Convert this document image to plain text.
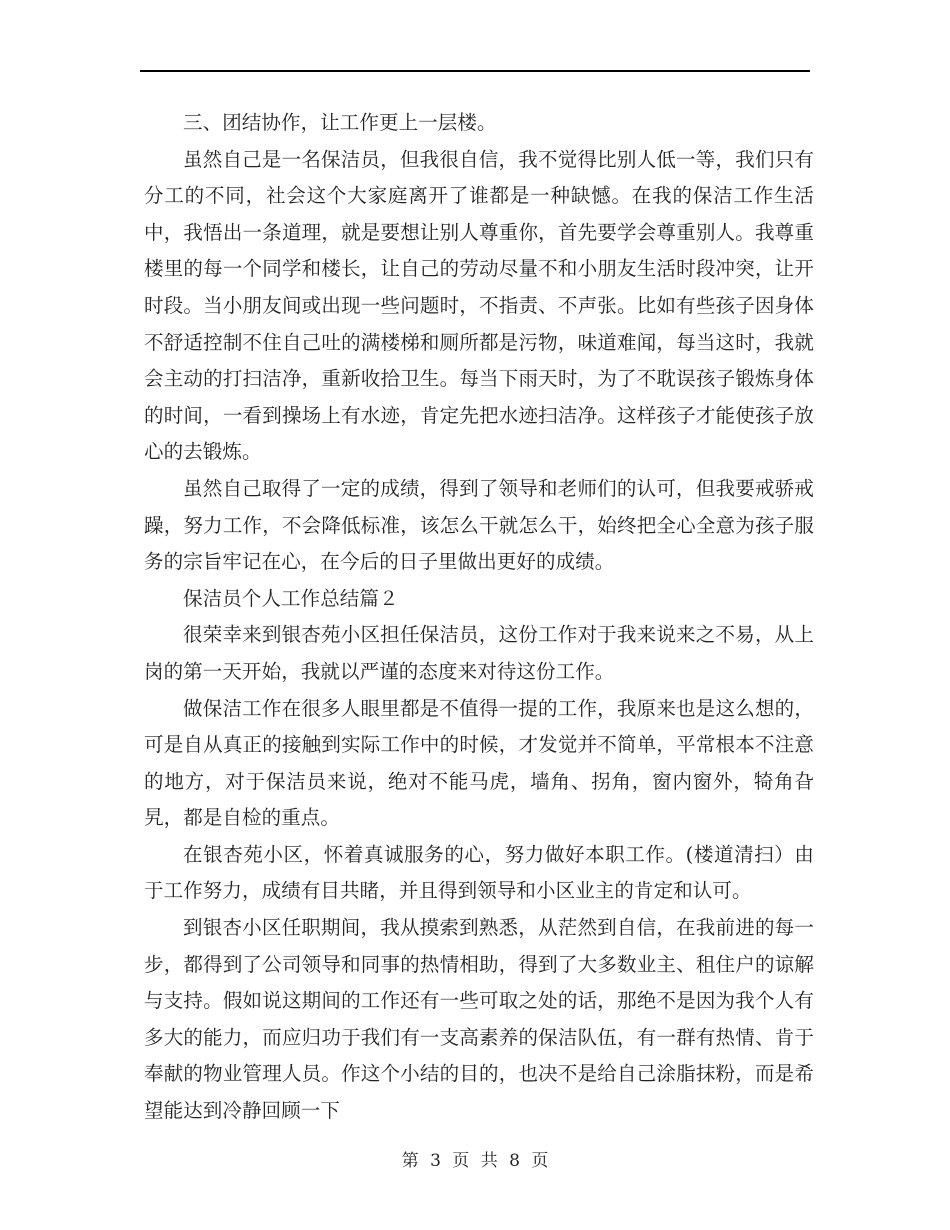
三、团结协作，让工作更上一层楼。

虽然自己是一名保洁员，但我很自信，我不觉得比别人低一等，我们只有分工的不同，社会这个大家庭离开了谁都是一种缺憾。在我的保洁工作生活中，我悟出一条道理，就是要想让别人尊重你，首先要学会尊重别人。我尊重楼里的每一个同学和楼长，让自己的劳动尽量不和小朋友生活时段冲突，让开时段。当小朋友间或出现一些问题时，不指责、不声张。比如有些孩子因身体不舒适控制不住自己吐的满楼梯和厕所都是污物，味道难闻，每当这时，我就会主动的打扫洁净，重新收拾卫生。每当下雨天时，为了不耽误孩子锻炼身体的时间，一看到操场上有水迹，肯定先把水迹扫洁净。这样孩子才能使孩子放心的去锻炼。

虽然自己取得了一定的成绩，得到了领导和老师们的认可，但我要戒骄戒躁，努力工作，不会降低标准，该怎么干就怎么干，始终把全心全意为孩子服务的宗旨牢记在心，在今后的日子里做出更好的成绩。

保洁员个人工作总结篇２

很荣幸来到银杏苑小区担任保洁员，这份工作对于我来说来之不易，从上岗的第一天开始，我就以严谨的态度来对待这份工作。

做保洁工作在很多人眼里都是不值得一提的工作，我原来也是这么想的，可是自从真正的接触到实际工作中的时候，才发觉并不简单，平常根本不注意的地方，对于保洁员来说，绝对不能马虎，墙角、拐角，窗内窗外，犄角旮旯，都是自检的重点。

在银杏苑小区，怀着真诚服务的心，努力做好本职工作。(楼道清扫）由于工作努力，成绩有目共睹，并且得到领导和小区业主的肯定和认可。

到银杏小区任职期间，我从摸索到熟悉，从茫然到自信，在我前进的每一步，都得到了公司领导和同事的热情相助，得到了大多数业主、租住户的谅解与支持。假如说这期间的工作还有一些可取之处的话，那绝不是因为我个人有多大的能力，而应归功于我们有一支高素养的保洁队伍，有一群有热情、肯于奉献的物业管理人员。作这个小结的目的，也决不是给自己涂脂抹粉，而是希望能达到冷静回顾一下

第 3 页 共 8 页
